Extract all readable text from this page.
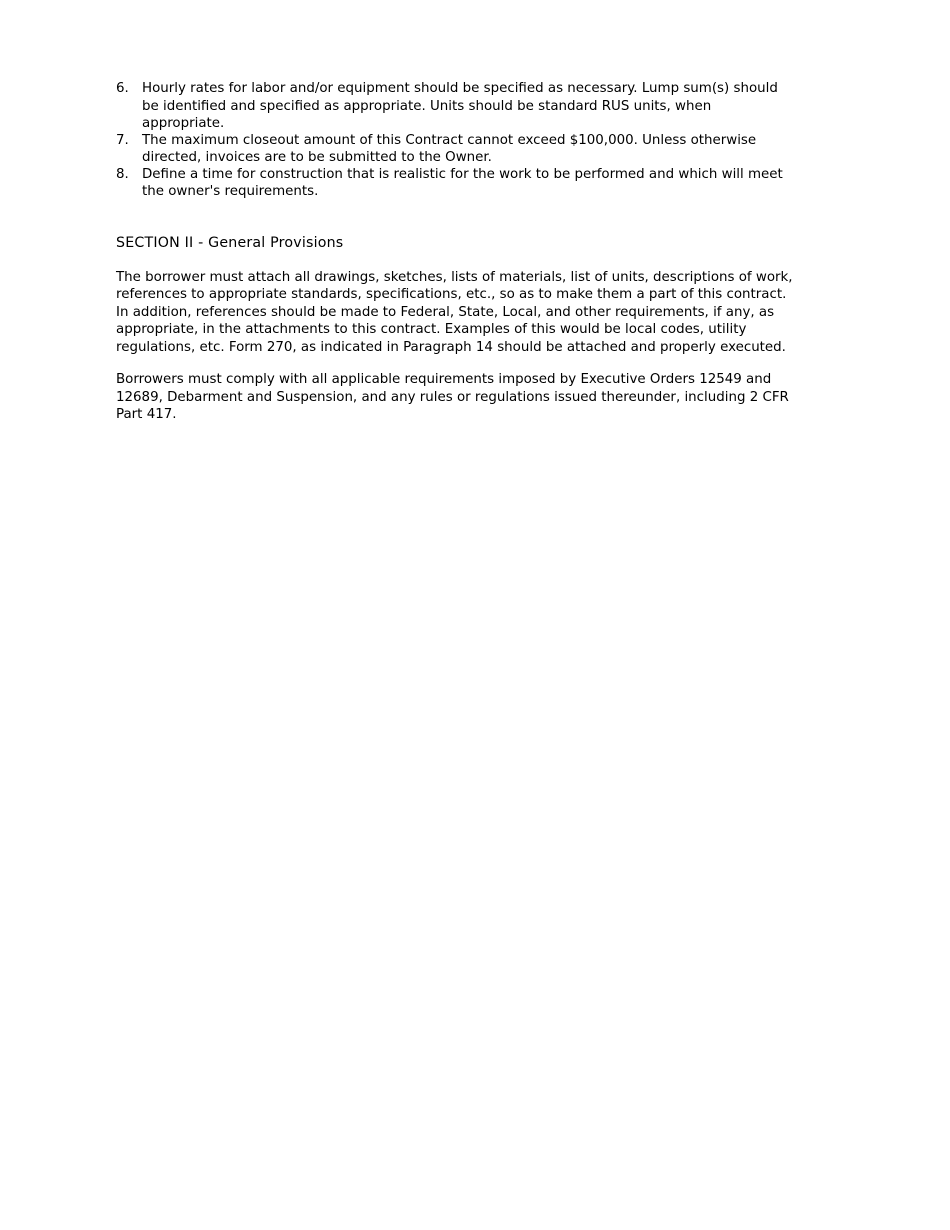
6. Hourly rates for labor and/or equipment should be specified as necessary. Lump sum(s) should be identified and specified as appropriate. Units should be standard RUS units, when appropriate.
7. The maximum closeout amount of this Contract cannot exceed $100,000. Unless otherwise directed, invoices are to be submitted to the Owner.
8. Define a time for construction that is realistic for the work to be performed and which will meet the owner's requirements.
SECTION II - General Provisions

The borrower must attach all drawings, sketches, lists of materials, list of units, descriptions of work, references to appropriate standards, specifications, etc., so as to make them a part of this contract. In addition, references should be made to Federal, State, Local, and other requirements, if any, as appropriate, in the attachments to this contract. Examples of this would be local codes, utility regulations, etc. Form 270, as indicated in Paragraph 14 should be attached and properly executed.

Borrowers must comply with all applicable requirements imposed by Executive Orders 12549 and 12689, Debarment and Suspension, and any rules or regulations issued thereunder, including 2 CFR Part 417.
